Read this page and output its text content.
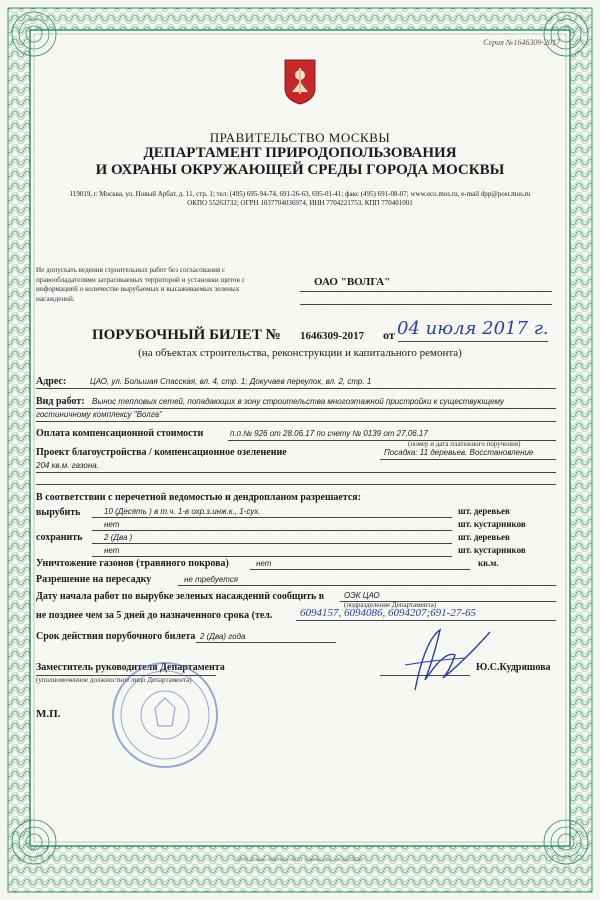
Серия №1646309-2017
ПРАВИТЕЛЬСТВО МОСКВЫ
ДЕПАРТАМЕНТ ПРИРОДОПОЛЬЗОВАНИЯ
И ОХРАНЫ ОКРУЖАЮЩЕЙ СРЕДЫ ГОРОДА МОСКВЫ
119019, г. Москва, ул. Новый Арбат, д. 11, стр. 1; тел: (495) 695-94-74, 691-26-63, 695-01-41; факс (495) 691-08-07; www.eco.mos.ru, e-mail dpp@post.mos.ru
ОКПО 55263732; ОГРН 1037704036974, ИНН 7704221753, КПП 770401001
Не допускать ведения строительных работ без согласования с правообладателями затрагиваемых территорий и установки щитов с информацией о количестве вырубаемых и высаживаемых зеленых насаждений.
ОАО "ВОЛГА"
ПОРУБОЧНЫЙ БИЛЕТ № 1646309-2017 от 04 июля 2017 г.
(на объектах строительства, реконструкции и капитального ремонта)
Адрес:	ЦАО, ул. Большая Спасская, вл. 4, стр. 1; Докучаев переулок, вл. 2, стр. 1
Вид работ: Вынос тепловых сетей, попадающих в зону строительства многоэтажной пристройки к существующему
гостиничному комплексу "Волга"
Оплата компенсационной стоимости	п.п.№ 926 от 28.06.17 по счету № 0139 от 27.06.17
(номер и дата платежного поручения)
Проект благоустройства / компенсационное озеленение	Посадка: 11 деревьев. Восстановление
204 кв.м. газона.
В соответствии с перечетной ведомостью и дендропланом разрешается:
вырубить	10 (Десять ) в т.ч. 1-в охр.з.инж.к., 1-сух.	шт. деревьев
нет	шт. кустарников
сохранить	2 (Два )	шт. деревьев
нет	шт. кустарников
Уничтожение газонов (травяного покрова)	нет	кв.м.
Разрешение на пересадку	не требуется
Дату начала работ по вырубке зеленых насаждений сообщить в ОЭК ЦАО
(подразделение Департамента)
не позднее чем за 5 дней до назначенного срока (тел.	6094157, 6094086, 6094207;691-27-65
Срок действия порубочного билета 2 (Два) года
Заместитель руководителя Департамента
(уполномоченное должностное лицо Департамента)
Ю.С.Кудряшова
М.П.
ООО «Бланк» г.Москва, 2016 г. уровень «В», зак. № 226/02
